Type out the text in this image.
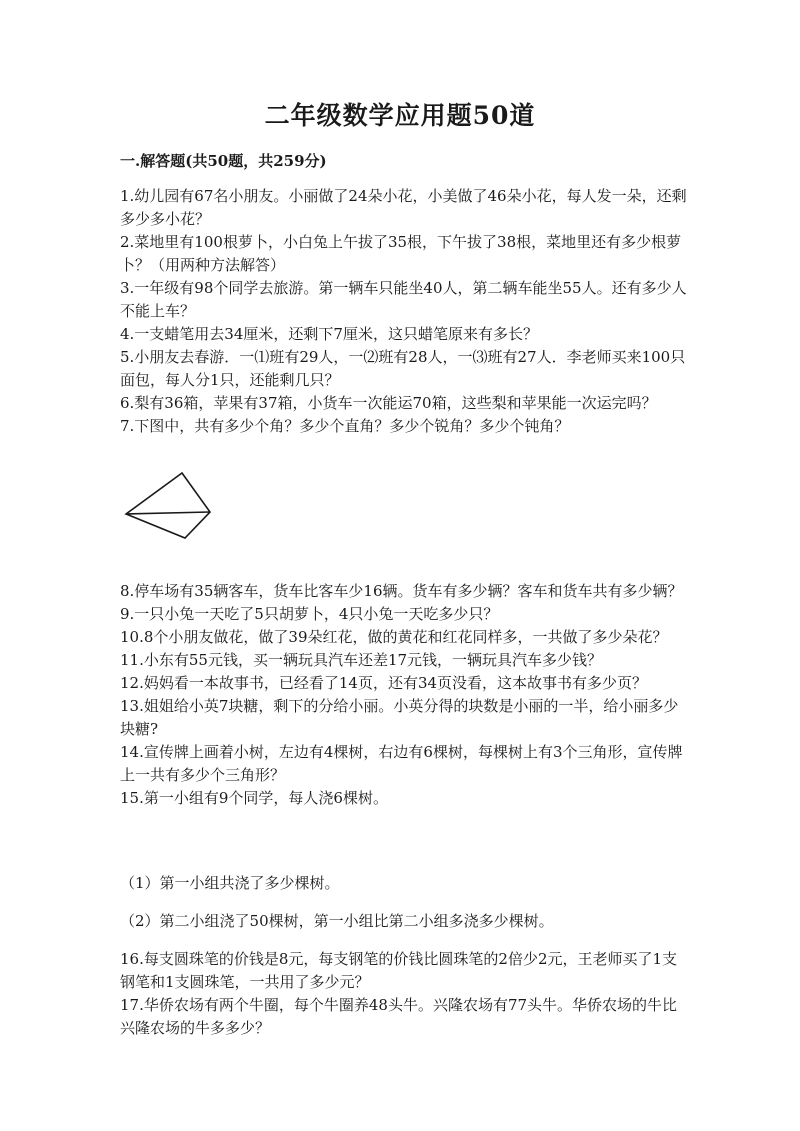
二年级数学应用题50道
一.解答题(共50题，共259分)

1.幼儿园有67名小朋友。小丽做了24朵小花，小美做了46朵小花，每人发一朵，还剩多少多小花？

2.菜地里有100根萝卜，小白兔上午拔了35根，下午拔了38根，菜地里还有多少根萝卜？（用两种方法解答）

3.一年级有98个同学去旅游。第一辆车只能坐40人，第二辆车能坐55人。还有多少人不能上车？

4.一支蜡笔用去34厘米，还剩下7厘米，这只蜡笔原来有多长？

5.小朋友去春游．一⑴班有29人，一⑵班有28人，一⑶班有27人．李老师买来100只面包，每人分1只，还能剩几只？

6.梨有36箱，苹果有37箱，小货车一次能运70箱，这些梨和苹果能一次运完吗？

7.下图中，共有多少个角？多少个直角？多少个锐角？多少个钝角？

8.停车场有35辆客车，货车比客车少16辆。货车有多少辆？客车和货车共有多少辆？

9.一只小兔一天吃了5只胡萝卜，4只小兔一天吃多少只？

10.8个小朋友做花，做了39朵红花，做的黄花和红花同样多，一共做了多少朵花？

11.小东有55元钱，买一辆玩具汽车还差17元钱，一辆玩具汽车多少钱？

12.妈妈看一本故事书，已经看了14页，还有34页没看，这本故事书有多少页？

13.姐姐给小英7块糖，剩下的分给小丽。小英分得的块数是小丽的一半，给小丽多少块糖?

14.宣传牌上画着小树，左边有4棵树，右边有6棵树，每棵树上有3个三角形，宣传牌上一共有多少个三角形？

15.第一小组有9个同学，每人浇6棵树。

（1）第一小组共浇了多少棵树。
（2）第二小组浇了50棵树，第一小组比第二小组多浇多少棵树。

16.每支圆珠笔的价钱是8元，每支钢笔的价钱比圆珠笔的2倍少2元，王老师买了1支钢笔和1支圆珠笔，一共用了多少元？

17.华侨农场有两个牛圈，每个牛圈养48头牛。兴隆农场有77头牛。华侨农场的牛比兴隆农场的牛多多少？
